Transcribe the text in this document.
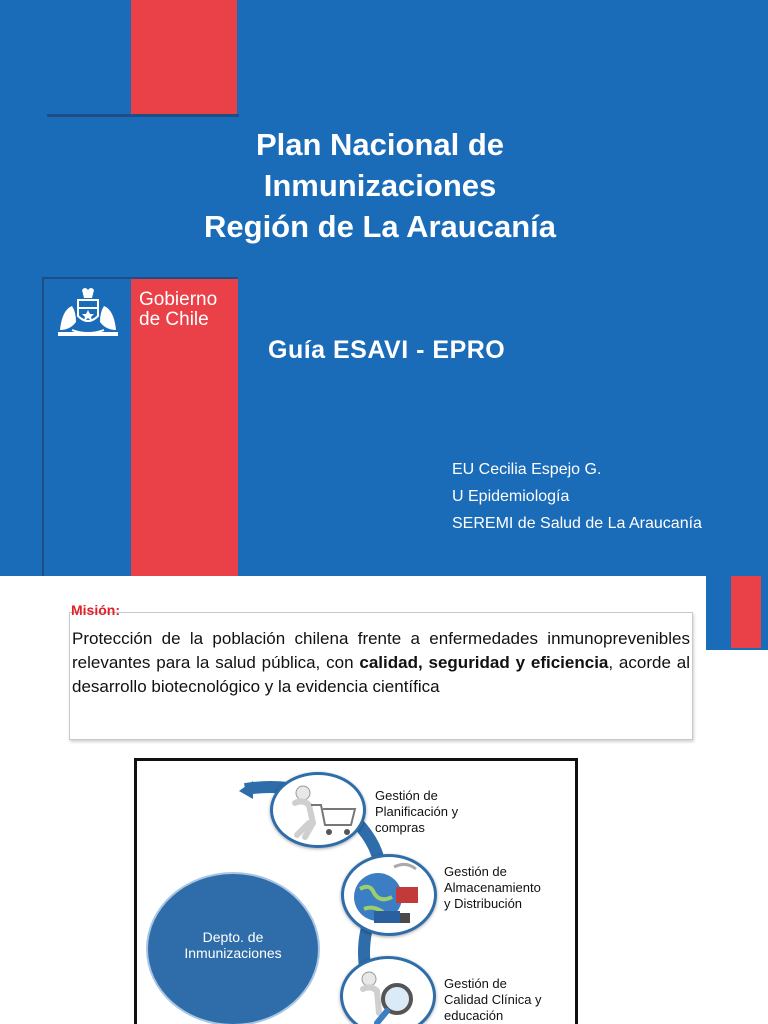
Plan Nacional de
Inmunizaciones
Región de La Araucanía
Gobierno
de Chile
Guía ESAVI - EPRO
EU Cecilia Espejo G.
U Epidemiología
SEREMI de Salud de La Araucanía
Misión:
Protección de la población chilena frente a enfermedades inmunoprevenibles relevantes para la salud pública, con calidad, seguridad y eficiencia, acorde al desarrollo biotecnológico y la evidencia científica
Depto. de
Inmunizaciones
Gestión de
Planificación y
compras
Gestión de
Almacenamiento
y Distribución
Gestión de
Calidad Clínica y
educación
